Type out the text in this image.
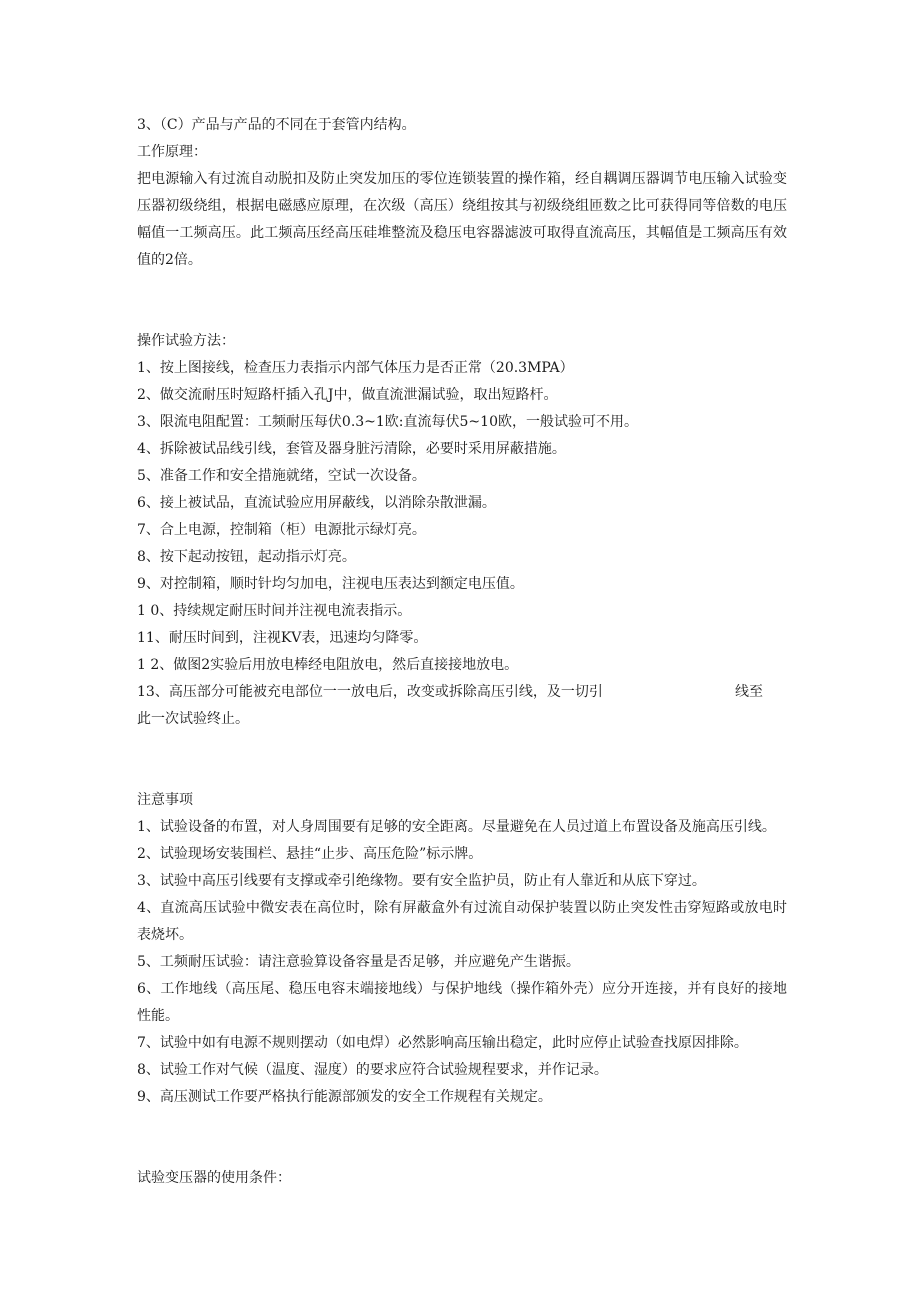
3、（C）产品与产品的不同在于套管内结构。
工作原理：
把电源输入有过流自动脱扣及防止突发加压的零位连锁装置的操作箱，经自耦调压器调节电压输入试验变压器初级绕组，根据电磁感应原理，在次级（高压）绕组按其与初级绕组匝数之比可获得同等倍数的电压幅值一工频高压。此工频高压经高压硅堆整流及稳压电容器滤波可取得直流高压，其幅值是工频高压有效值的2倍。
操作试验方法：
1、按上图接线，检查压力表指示内部气体压力是否正常（20.3MPA）
2、做交流耐压时短路杆插入孔J中，做直流泄漏试验，取出短路杆。
3、限流电阻配置：工频耐压每伏0.3~1欧:直流每伏5~10欧，一般试验可不用。
4、拆除被试品线引线，套管及器身脏污清除，必要时采用屏蔽措施。
5、准备工作和安全措施就绪，空试一次设备。
6、接上被试品，直流试验应用屏蔽线，以消除杂散泄漏。
7、合上电源，控制箱（柜）电源批示绿灯亮。
8、按下起动按钮，起动指示灯亮。
9、对控制箱，顺时针均匀加电，注视电压表达到额定电压值。
1 0、持续规定耐压时间并注视电流表指示。
11、耐压时间到，注视KV表，迅速均匀降零。
1 2、做图2实验后用放电棒经电阻放电，然后直接接地放电。
13、高压部分可能被充电部位一一放电后，改变或拆除高压引线，及一切引	线至
此一次试验终止。
注意事项
1、试验设备的布置，对人身周围要有足够的安全距离。尽量避免在人员过道上布置设备及施高压引线。
2、试验现场安装围栏、悬挂“止步、高压危险”标示牌。
3、试验中高压引线要有支撑或牵引绝缘物。要有安全监护员，防止有人靠近和从底下穿过。
4、直流高压试验中微安表在高位时，除有屏蔽盒外有过流自动保护装置以防止突发性击穿短路或放电时表烧坏。
5、工频耐压试验：请注意验算设备容量是否足够，并应避免产生谐振。
6、工作地线（高压尾、稳压电容末端接地线）与保护地线（操作箱外壳）应分开连接，并有良好的接地性能。
7、试验中如有电源不规则摆动（如电焊）必然影响高压输出稳定，此时应停止试验查找原因排除。
8、试验工作对气候（温度、湿度）的要求应符合试验规程要求，并作记录。
9、高压测试工作要严格执行能源部颁发的安全工作规程有关规定。
试验变压器的使用条件：
